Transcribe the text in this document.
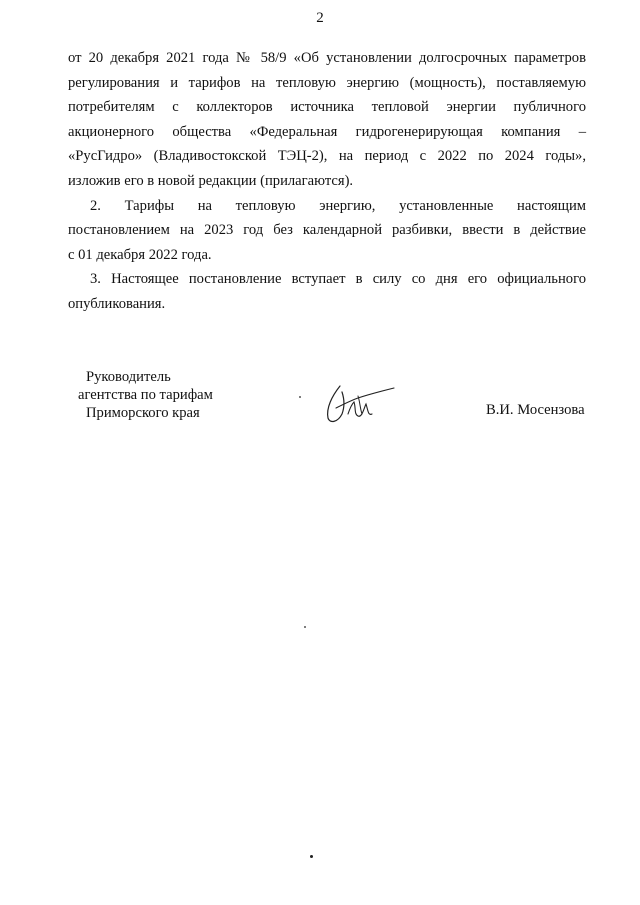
2
от 20 декабря 2021 года № 58/9 «Об установлении долгосрочных параметров
регулирования и тарифов на тепловую энергию (мощность), поставляемую
потребителям с коллекторов источника тепловой энергии публичного
акционерного общества «Федеральная гидрогенерирующая компания –
«РусГидро» (Владивостокской ТЭЦ-2), на период с 2022 по 2024 годы»,
изложив его в новой редакции (прилагаются).
2. Тарифы на тепловую энергию, установленные настоящим
постановлением на 2023 год без календарной разбивки, ввести в действие
с 01 декабря 2022 года.
3. Настоящее постановление вступает в силу со дня его официального
опубликования.
Руководитель
агентства по тарифам
Приморского края	В.И. Мосензова
